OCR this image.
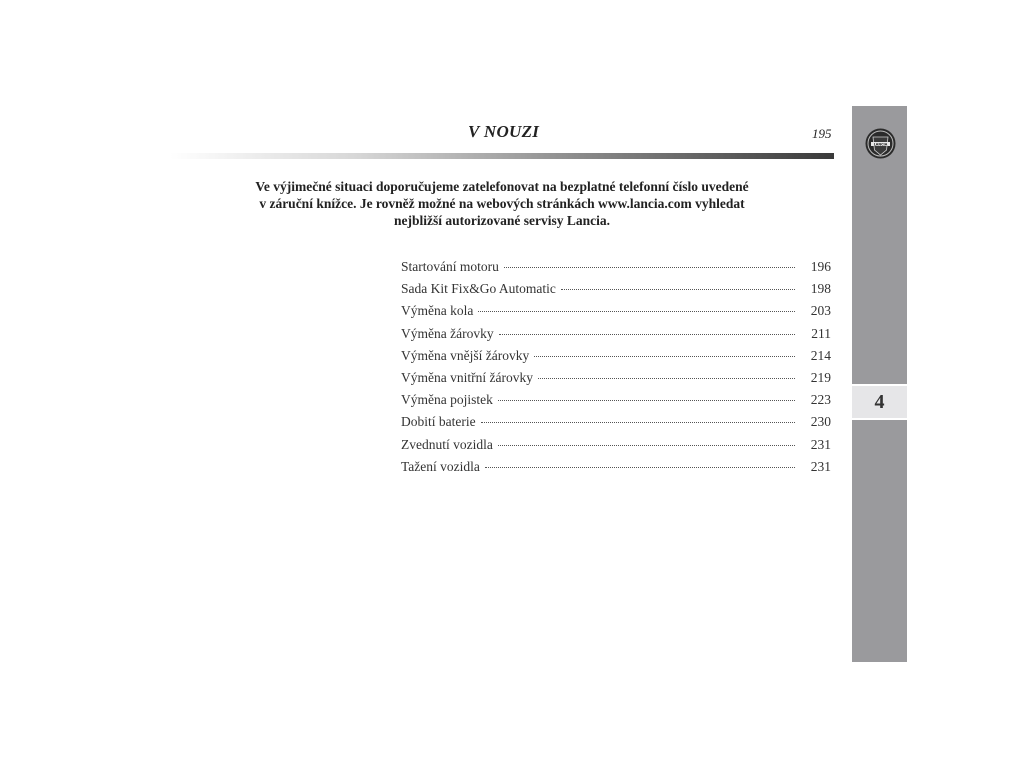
V NOUZI	195
LANCIA
4
Ve výjimečné situaci doporučujeme zatelefonovat na bezplatné telefonní číslo uvedené
v záruční knížce. Je rovněž možné na webových stránkách www.lancia.com vyhledat
nejbližší autorizované servisy Lancia.
Startování motoru	196
Sada Kit Fix&Go Automatic	198
Výměna kola	203
Výměna žárovky	211
Výměna vnější žárovky	214
Výměna vnitřní žárovky	219
Výměna pojistek	223
Dobití baterie	230
Zvednutí vozidla	231
Tažení vozidla	231
